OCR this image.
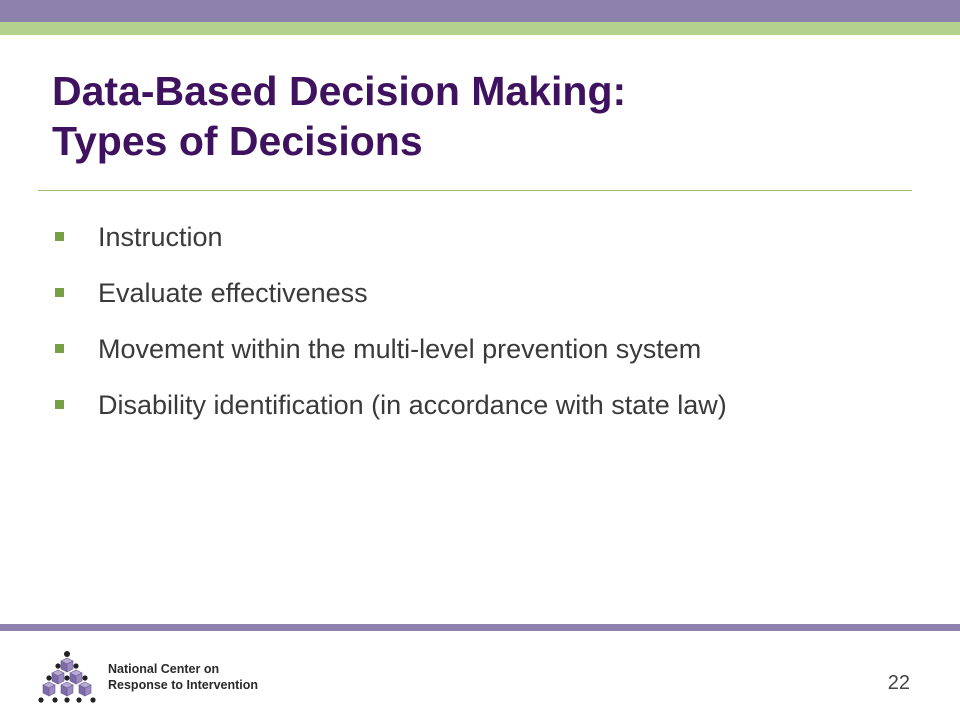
Data-Based Decision Making:
Types of Decisions
Instruction
Evaluate effectiveness
Movement within the multi-level prevention system
Disability identification (in accordance with state law)
National Center on
Response to Intervention	22
